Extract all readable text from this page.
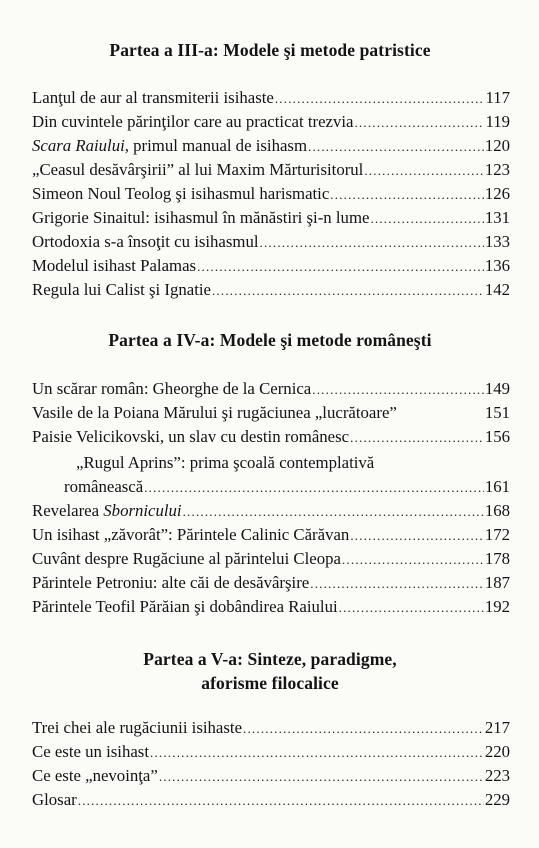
Partea a III-a: Modele şi metode patristice
Lanţul de aur al transmiterii isihaste .....	117
Din cuvintele părinţilor care au practicat trezvia .....	119
Scara Raiului, primul manual de isihasm .....	120
„Ceasul desăvârşirii” al lui Maxim Mărturisitorul .....	123
Simeon Noul Teolog şi isihasmul harismatic .....	126
Grigorie Sinaitul: isihasmul în mănăstiri şi-n lume .....	131
Ortodoxia s-a însoţit cu isihasmul .....	133
Modelul isihast Palamas .....	136
Regula lui Calist şi Ignatie .....	142
Partea a IV-a: Modele şi metode româneşti
Un scărar român: Gheorghe de la Cernica .....	149
Vasile de la Poiana Mărului şi rugăciunea „lucrătoare”	151
Paisie Velicikovski, un slav cu destin românesc .....	156
„Rugul Aprins”: prima şcoală contemplativă
românească .....	161
Revelarea Sbornicului .....	168
Un isihast „zăvorât”: Părintele Calinic Cărăvan .....	172
Cuvânt despre Rugăciune al părintelui Cleopa .....	178
Părintele Petroniu: alte căi de desăvârşire .....	187
Părintele Teofil Părăian şi dobândirea Raiului .....	192
Partea a V-a: Sinteze, paradigme,
aforisme filocalice
Trei chei ale rugăciunii isihaste .....	217
Ce este un isihast .....	220
Ce este „nevoinţa” .....	223
Glosar .....	229
